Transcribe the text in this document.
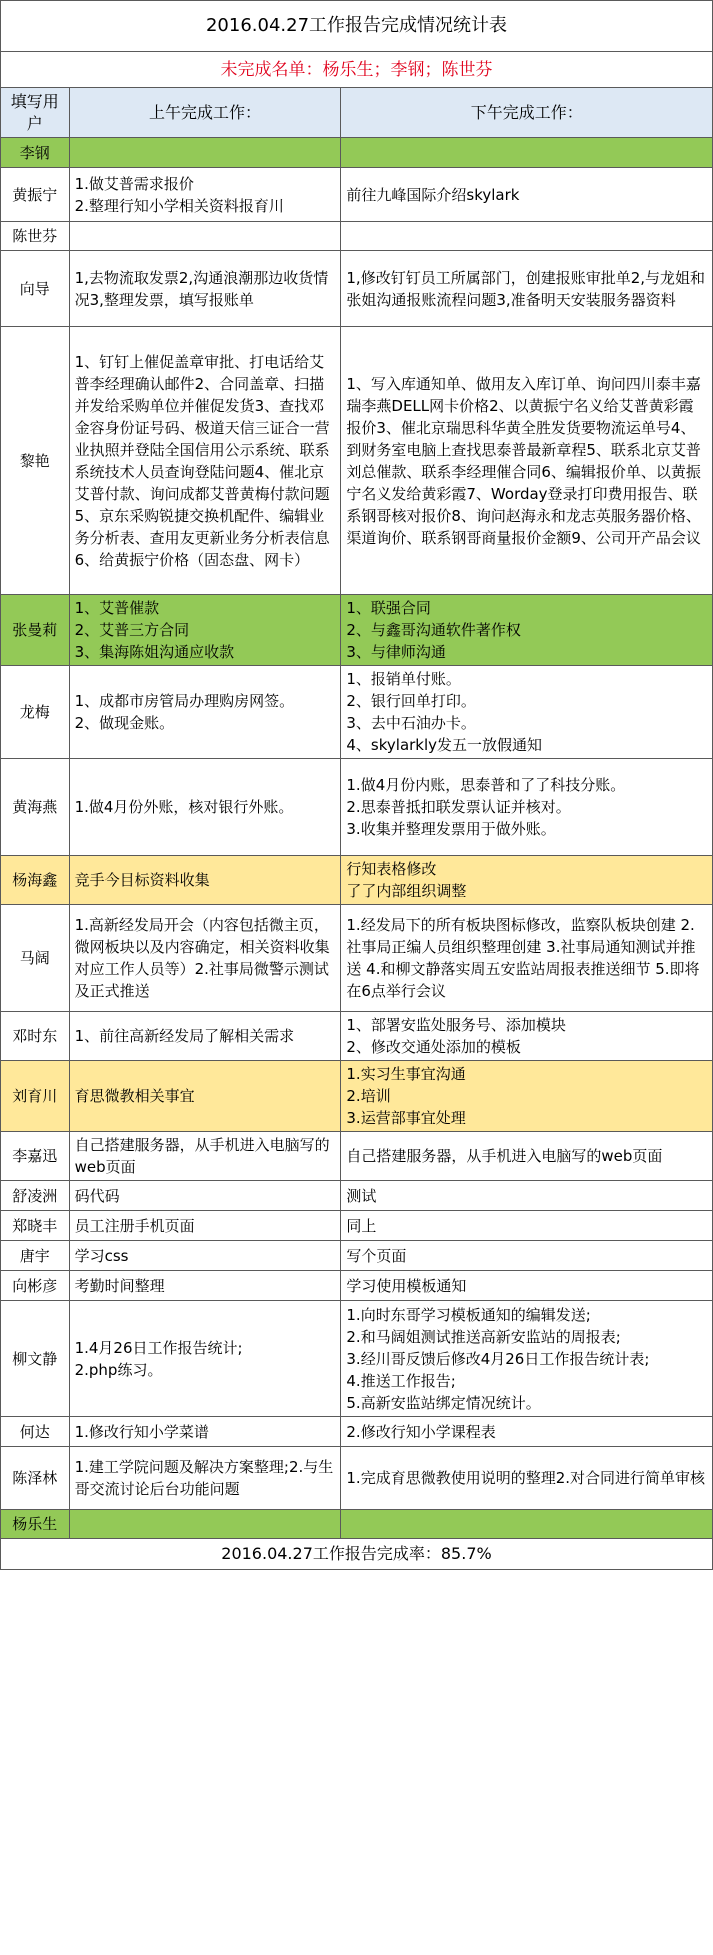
2016.04.27工作报告完成情况统计表		
未完成名单：杨乐生；李钢；陈世芬		
填写用户	上午完成工作：	下午完成工作：
李钢		
黄振宁	1.做艾普需求报价
2.整理行知小学相关资料报育川	前往九峰国际介绍skylark

陈世芬		
向导	1,去物流取发票2,沟通浪潮那边收货情况3,整理发票，填写报账单	1,修改钉钉员工所属部门，创建报账审批单2,与龙姐和张姐沟通报账流程问题3,准备明天安装服务器资料

黎艳	1、钉钉上催促盖章审批、打电话给艾普李经理确认邮件2、合同盖章、扫描并发给采购单位并催促发货3、查找邓金容身份证号码、极道天信三证合一营业执照并登陆全国信用公示系统、联系系统技术人员查询登陆问题4、催北京艾普付款、询问成都艾普黄梅付款问题5、京东采购锐捷交换机配件、编辑业务分析表、查用友更新业务分析表信息6、给黄振宁价格（固态盘、网卡）	1、写入库通知单、做用友入库订单、询问四川泰丰嘉瑞李燕DELL网卡价格2、以黄振宁名义给艾普黄彩霞报价3、催北京瑞思科华黄全胜发货要物流运单号4、到财务室电脑上查找思泰普最新章程5、联系北京艾普刘总催款、联系李经理催合同6、编辑报价单、以黄振宁名义发给黄彩霞7、Worday登录打印费用报告、联系钢哥核对报价8、询问赵海永和龙志英服务器价格、渠道询价、联系钢哥商量报价金额9、公司开产品会议

张曼莉	1、艾普催款
2、艾普三方合同
3、集海陈姐沟通应收款	1、联强合同
2、与鑫哥沟通软件著作权
3、与律师沟通

龙梅	1、成都市房管局办理购房网签。
2、做现金账。	1、报销单付账。
2、银行回单打印。
3、去中石油办卡。
4、skylarkly发五一放假通知

黄海燕	1.做4月份外账，核对银行外账。	1.做4月份内账，思泰普和了了科技分账。
2.思泰普抵扣联发票认证并核对。
3.收集并整理发票用于做外账。

杨海鑫	竞手今目标资料收集	行知表格修改
了了内部组织调整

马阔	1.高新经发局开会（内容包括微主页，微网板块以及内容确定，相关资料收集对应工作人员等）2.社事局微警示测试及正式推送	1.经发局下的所有板块图标修改，监察队板块创建 2.社事局正编人员组织整理创建 3.社事局通知测试并推送 4.和柳文静落实周五安监站周报表推送细节 5.即将在6点举行会议

邓时东	1、前往高新经发局了解相关需求	1、部署安监处服务号、添加模块
2、修改交通处添加的模板

刘育川	育思微教相关事宜	1.实习生事宜沟通
2.培训
3.运营部事宜处理

李嘉迅	自己搭建服务器，从手机进入电脑写的web页面	自己搭建服务器，从手机进入电脑写的web页面

舒凌洲	码代码	测试

郑晓丰	员工注册手机页面	同上

唐宇	学习css	写个页面

向彬彦	考勤时间整理	学习使用模板通知

柳文静	1.4月26日工作报告统计;
2.php练习。	1.向时东哥学习模板通知的编辑发送;
2.和马阔姐测试推送高新安监站的周报表;
3.经川哥反馈后修改4月26日工作报告统计表;
4.推送工作报告;
5.高新安监站绑定情况统计。

何达	1.修改行知小学菜谱	2.修改行知小学课程表

陈泽林	1.建工学院问题及解决方案整理;2.与生哥交流讨论后台功能问题	1.完成育思微教使用说明的整理2.对合同进行简单审核

杨乐生		
2016.04.27工作报告完成率：85.7%		
